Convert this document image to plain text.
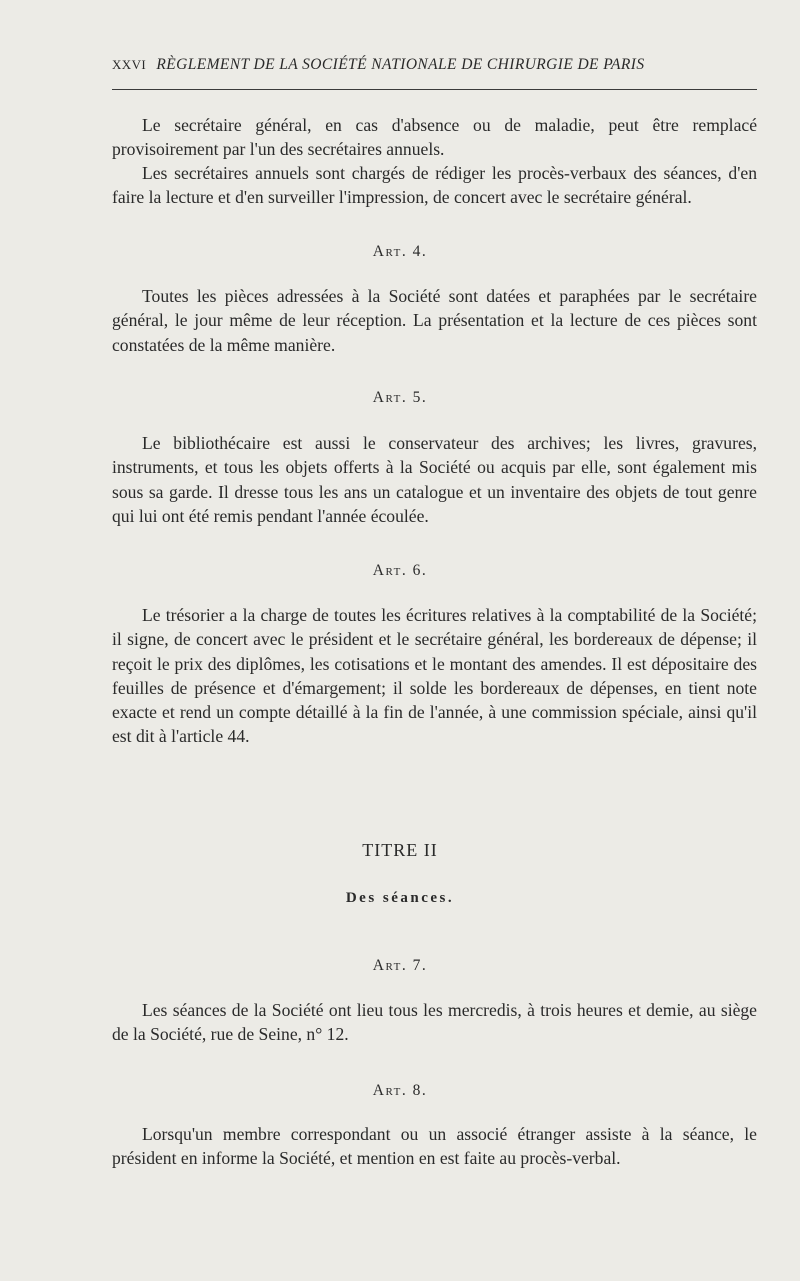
XXVI RÈGLEMENT DE LA SOCIÉTÉ NATIONALE DE CHIRURGIE DE PARIS

Le secrétaire général, en cas d'absence ou de maladie, peut être remplacé provisoirement par l'un des secrétaires annuels.

Les secrétaires annuels sont chargés de rédiger les procès-verbaux des séances, d'en faire la lecture et d'en surveiller l'impression, de concert avec le secrétaire général.

Art. 4.

Toutes les pièces adressées à la Société sont datées et paraphées par le secrétaire général, le jour même de leur réception. La présentation et la lecture de ces pièces sont constatées de la même manière.

Art. 5.

Le bibliothécaire est aussi le conservateur des archives; les livres, gravures, instruments, et tous les objets offerts à la Société ou acquis par elle, sont également mis sous sa garde. Il dresse tous les ans un catalogue et un inventaire des objets de tout genre qui lui ont été remis pendant l'année écoulée.

Art. 6.

Le trésorier a la charge de toutes les écritures relatives à la comptabilité de la Société; il signe, de concert avec le président et le secrétaire général, les bordereaux de dépense; il reçoit le prix des diplômes, les cotisations et le montant des amendes. Il est dépositaire des feuilles de présence et d'émargement; il solde les bordereaux de dépenses, en tient note exacte et rend un compte détaillé à la fin de l'année, à une commission spéciale, ainsi qu'il est dit à l'article 44.

TITRE II
Des séances.
Art. 7.

Les séances de la Société ont lieu tous les mercredis, à trois heures et demie, au siège de la Société, rue de Seine, n° 12.

Art. 8.

Lorsqu'un membre correspondant ou un associé étranger assiste à la séance, le président en informe la Société, et mention en est faite au procès-verbal.
